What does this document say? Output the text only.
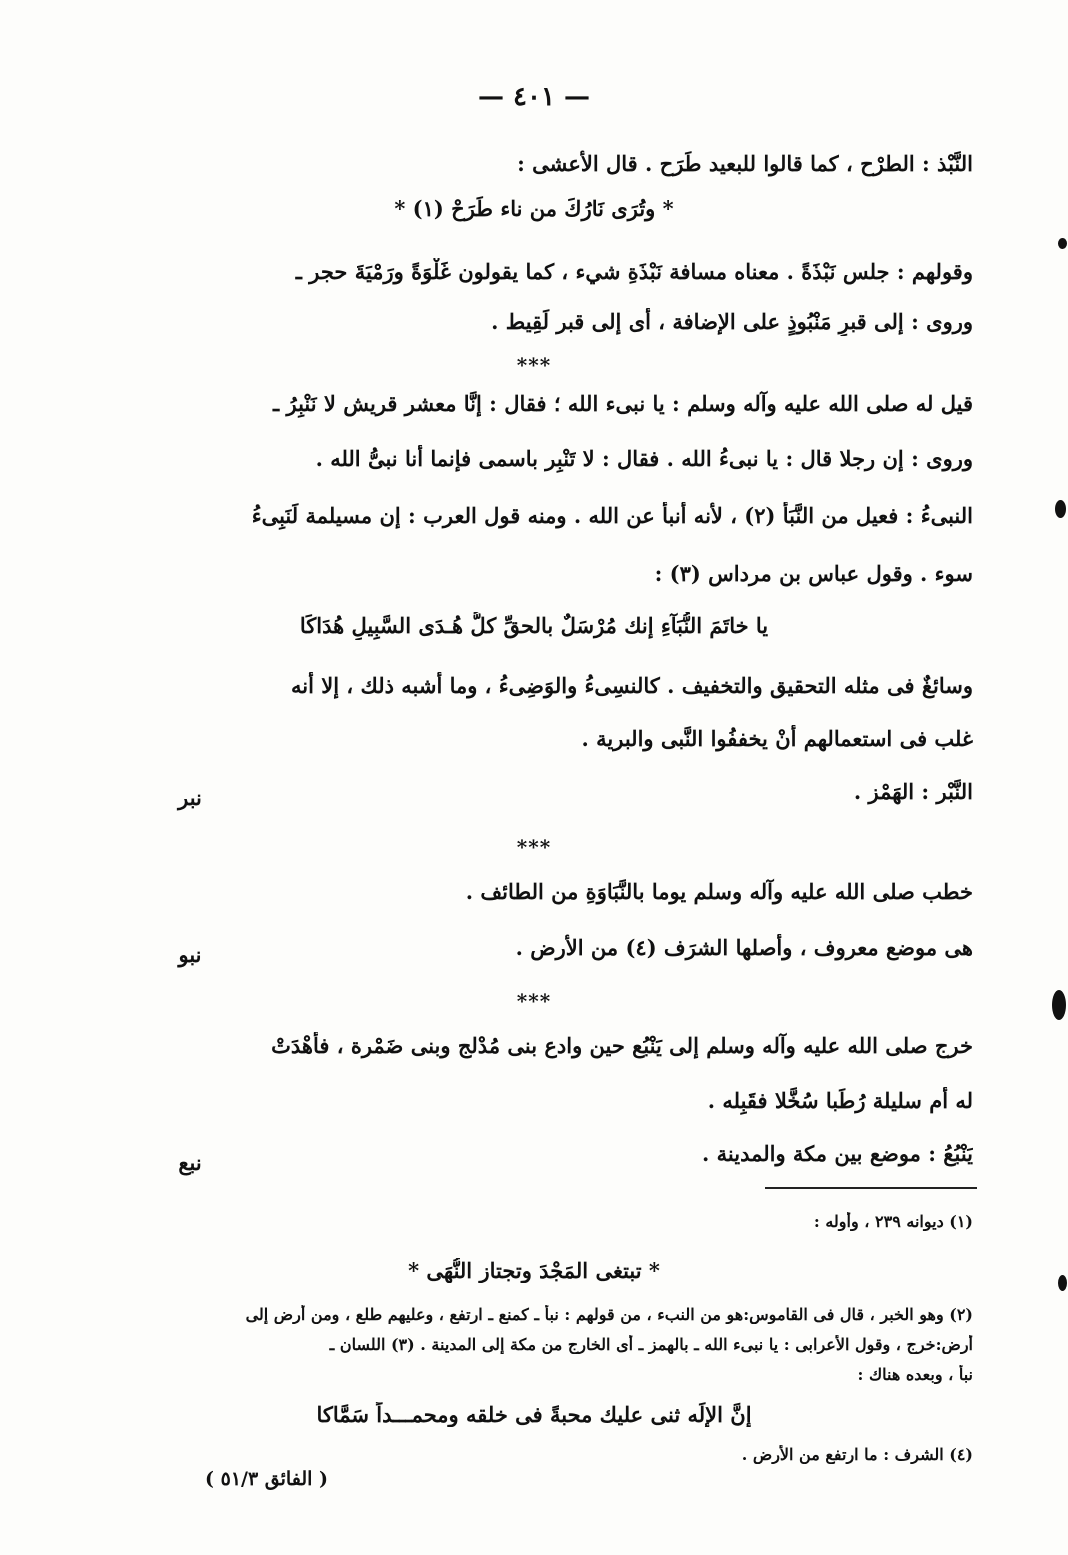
— ٤٠١ —
النَّبْذ : الطرْح ، كما قالوا للبعيد طَرَح . قال الأعشى :
* وتُرَى نَارُكَ من ناء طَرَحْ (١) *
وقولهم : جلس نَبْذَةً . معناه مسافة نَبْذَةِ شيء ، كما يقولون غَلْوَةً ورَمْيَةَ حجر ـ
وروى : إلى قبرٍ مَنْبُوذٍ على الإضافة ، أى إلى قبر لَقِيط .
***
قيل له صلى الله عليه وآله وسلم : يا نبىء الله ؛ فقال : إنَّا معشر قريش لا نَنْبِرُ ـ
وروى : إن رجلا قال : يا نبىءُ الله . فقال : لا تَنْبِر باسمى فإنما أنا نبىُّ الله .
النبىءُ : فعيل من النَّبَأ (٢) ، لأنه أنبأ عن الله . ومنه قول العرب : إن مسيلمة لَنَبِىءُ
سوء . وقول عباس بن مرداس (٣) :
يا خاتَمَ النُّبَآءِ إنك مُرْسَلٌ بالحقِّ كلُّ هُـدَى السَّبِيلِ هُدَاكَا
وسائغٌ فى مثله التحقيق والتخفيف . كالنسِىءُ والوَضِىءُ ، وما أشبه ذلك ، إلا أنه
غلب فى استعمالهم أنْ يخففُوا النَّبى والبرية .
النَّبْر : الهَمْز .
***
خطب صلى الله عليه وآله وسلم يوما بالنَّبَاوَةِ من الطائف .
هى موضع معروف ، وأصلها الشرَف (٤) من الأرض .
***
خرج صلى الله عليه وآله وسلم إلى يَنْبُع حين وادع بنى مُدْلج وبنى ضَمْرة ، فأهْدَتْ
له أم سليلة رُطَبا سُخَّلا فقَبِله .
يَنْبُعُ : موضع بين مكة والمدينة .
نبر
نبو
نبع
(١) ديوانه ٢٣٩ ، وأوله :
* تبتغى المَجْدَ وتجتاز النُّهَى *
(٢) وهو الخبر ، قال فى القاموس:هو من النبء ، من قولهم : نبأ ـ كمنع ـ ارتفع ، وعليهم طلع ، ومن أرض إلى
أرض:خرج ، وقول الأعرابى : يا نبىء الله ـ بالهمز ـ أى الخارج من مكة إلى المدينة . (٣) اللسان ـ
نبأ ، وبعده هناك :
إنَّ الإلَه ثنى عليك محبةً فى خلقه ومحمـــداً سَمَّاكا
(٤) الشرف : ما ارتفع من الأرض .
( الفائق ٥١/٣ )
